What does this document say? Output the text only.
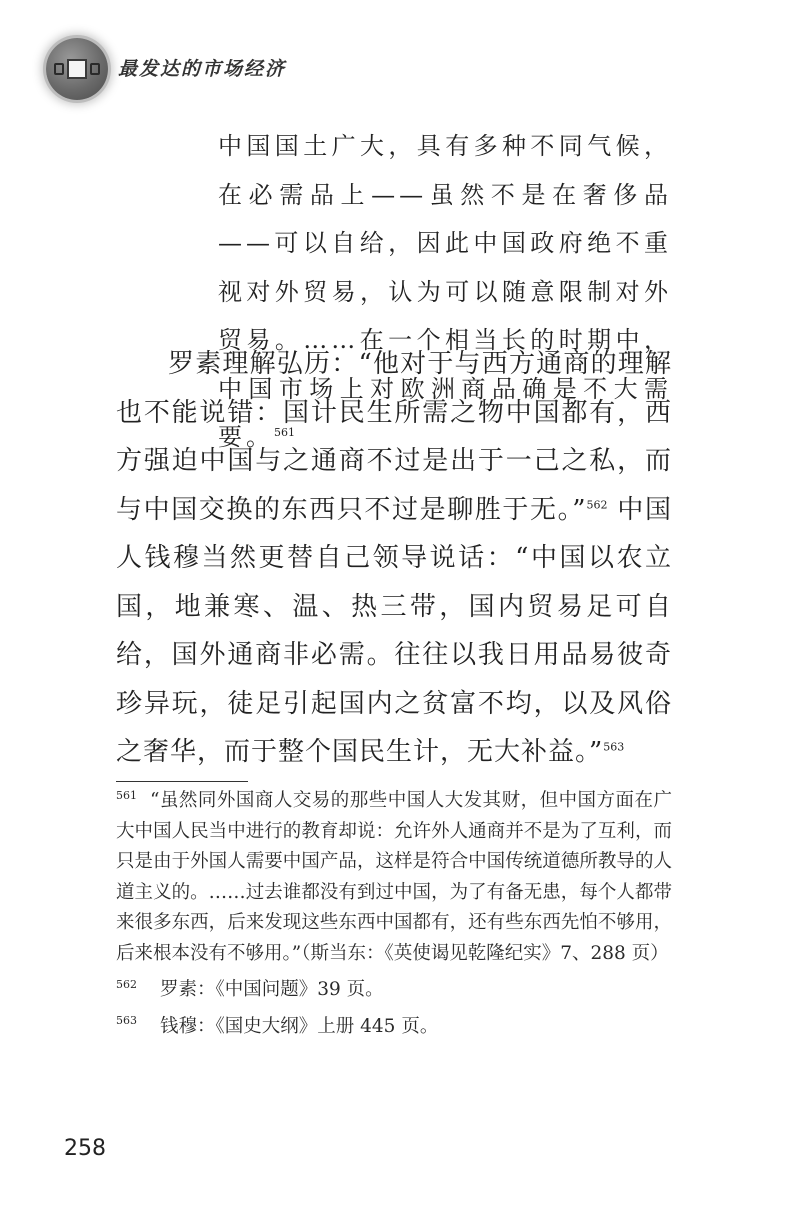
最发达的市场经济

中国国土广大，具有多种不同气候，在必需品上——虽然不是在奢侈品——可以自给，因此中国政府绝不重视对外贸易，认为可以随意限制对外贸易。……在一个相当长的时期中，中国市场上对欧洲商品确是不大需要。$^{561}$

罗素理解弘历：“他对于与西方通商的理解也不能说错：国计民生所需之物中国都有，西方强迫中国与之通商不过是出于一己之私，而与中国交换的东西只不过是聊胜于无。”$^{562}$ 中国人钱穆当然更替自己领导说话：“中国以农立国，地兼寒、温、热三带，国内贸易足可自给，国外通商非必需。往往以我日用品易彼奇珍异玩，徒足引起国内之贫富不均，以及风俗之奢华，而于整个国民生计，无大补益。”$^{563}$

561 “虽然同外国商人交易的那些中国人大发其财，但中国方面在广大中国人民当中进行的教育却说：允许外人通商并不是为了互利，而只是由于外国人需要中国产品，这样是符合中国传统道德所教导的人道主义的。……过去谁都没有到过中国，为了有备无患，每个人都带来很多东西，后来发现这些东西中国都有，还有些东西先怕不够用，后来根本没有不够用。”（斯当东：《英使谒见乾隆纪实》7、288 页）

562 罗素：《中国问题》39 页。

563 钱穆：《国史大纲》上册 445 页。

258
